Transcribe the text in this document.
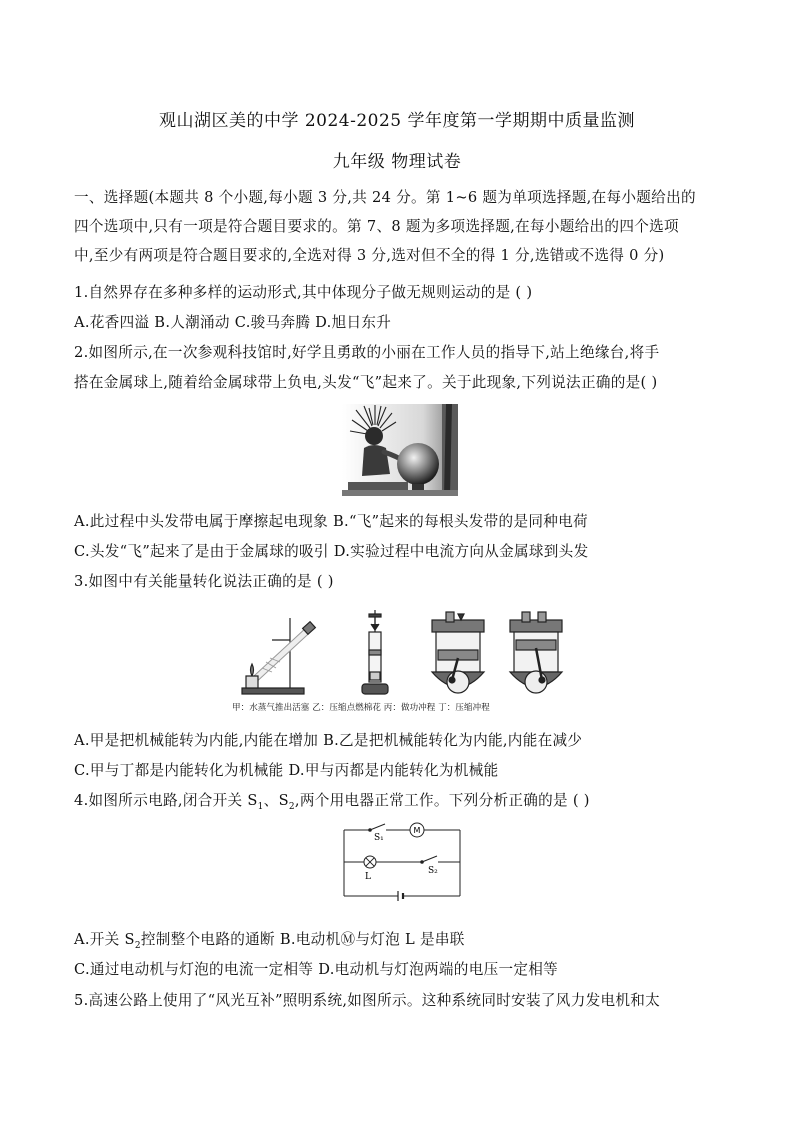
观山湖区美的中学 2024-2025 学年度第一学期期中质量监测
九年级 物理试卷
一、选择题(本题共 8 个小题,每小题 3 分,共 24 分。第 1~6 题为单项选择题,在每小题给出的
四个选项中,只有一项是符合题目要求的。第 7、8 题为多项选择题,在每小题给出的四个选项
中,至少有两项是符合题目要求的,全选对得 3 分,选对但不全的得 1 分,选错或不选得 0 分)
1.自然界存在多种多样的运动形式,其中体现分子做无规则运动的是 ( )
A.花香四溢 B.人潮涌动 C.骏马奔腾 D.旭日东升
2.如图所示,在一次参观科技馆时,好学且勇敢的小丽在工作人员的指导下,站上绝缘台,将手
搭在金属球上,随着给金属球带上负电,头发“飞”起来了。关于此现象,下列说法正确的是( )
A.此过程中头发带电属于摩擦起电现象 B.“飞”起来的每根头发带的是同种电荷
C.头发“飞”起来了是由于金属球的吸引 D.实验过程中电流方向从金属球到头发
3.如图中有关能量转化说法正确的是 ( )
甲：水蒸气推出活塞 乙：压缩点燃棉花 丙：做功冲程 丁：压缩冲程
A.甲是把机械能转为内能,内能在增加 B.乙是把机械能转化为内能,内能在减少
C.甲与丁都是内能转化为机械能 D.甲与丙都是内能转化为机械能
4.如图所示电路,闭合开关 $S_1$、$S_2$,两个用电器正常工作。下列分析正确的是 ( )
M
S₁
L
S₂
A.开关 $S_2$控制整个电路的通断 B.电动机Ⓜ与灯泡 L 是串联
C.通过电动机与灯泡的电流一定相等 D.电动机与灯泡两端的电压一定相等
5.高速公路上使用了“风光互补”照明系统,如图所示。这种系统同时安装了风力发电机和太
